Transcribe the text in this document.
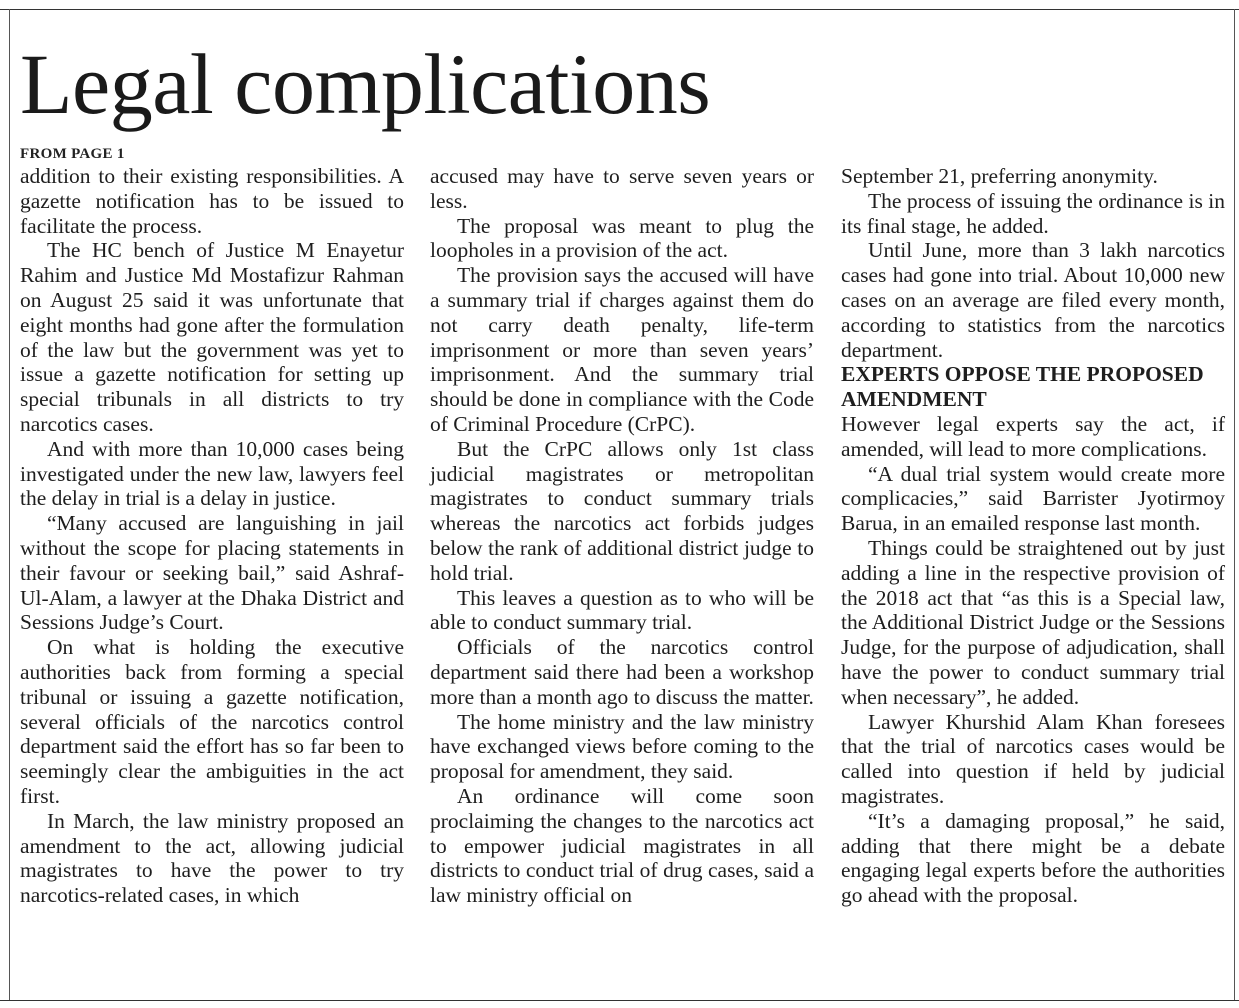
Legal complications
FROM PAGE 1

addition to their existing responsibilities. A gazette notification has to be issued to facilitate the process.

The HC bench of Justice M Enayetur Rahim and Justice Md Mostafizur Rahman on August 25 said it was unfortunate that eight months had gone after the formulation of the law but the government was yet to issue a gazette notification for setting up special tribunals in all districts to try narcotics cases.

And with more than 10,000 cases being investigated under the new law, lawyers feel the delay in trial is a delay in justice.

“Many accused are languishing in jail without the scope for placing statements in their favour or seeking bail,” said Ashraf-Ul-Alam, a lawyer at the Dhaka District and Sessions Judge’s Court.

On what is holding the executive authorities back from forming a special tribunal or issuing a gazette notification, several officials of the narcotics control department said the effort has so far been to seemingly clear the ambiguities in the act first.

In March, the law ministry proposed an amendment to the act, allowing judicial magistrates to have the power to try narcotics-related cases, in which

accused may have to serve seven years or less.

The proposal was meant to plug the loopholes in a provision of the act.

The provision says the accused will have a summary trial if charges against them do not carry death penalty, life-term imprisonment or more than seven years’ imprisonment. And the summary trial should be done in compliance with the Code of Criminal Procedure (CrPC).

But the CrPC allows only 1st class judicial magistrates or metropolitan magistrates to conduct summary trials whereas the narcotics act forbids judges below the rank of additional district judge to hold trial.

This leaves a question as to who will be able to conduct summary trial.

Officials of the narcotics control department said there had been a workshop more than a month ago to discuss the matter.

The home ministry and the law ministry have exchanged views before coming to the proposal for amendment, they said.

An ordinance will come soon proclaiming the changes to the narcotics act to empower judicial magistrates in all districts to conduct trial of drug cases, said a law ministry official on

September 21, preferring anonymity.

The process of issuing the ordinance is in its final stage, he added.

Until June, more than 3 lakh narcotics cases had gone into trial. About 10,000 new cases on an average are filed every month, according to statistics from the narcotics department.

EXPERTS OPPOSE THE PROPOSED AMENDMENT

However legal experts say the act, if amended, will lead to more complications.

“A dual trial system would create more complicacies,” said Barrister Jyotirmoy Barua, in an emailed response last month.

Things could be straightened out by just adding a line in the respective provision of the 2018 act that “as this is a Special law, the Additional District Judge or the Sessions Judge, for the purpose of adjudication, shall have the power to conduct summary trial when necessary”, he added.

Lawyer Khurshid Alam Khan foresees that the trial of narcotics cases would be called into question if held by judicial magistrates.

“It’s a damaging proposal,” he said, adding that there might be a debate engaging legal experts before the authorities go ahead with the proposal.
